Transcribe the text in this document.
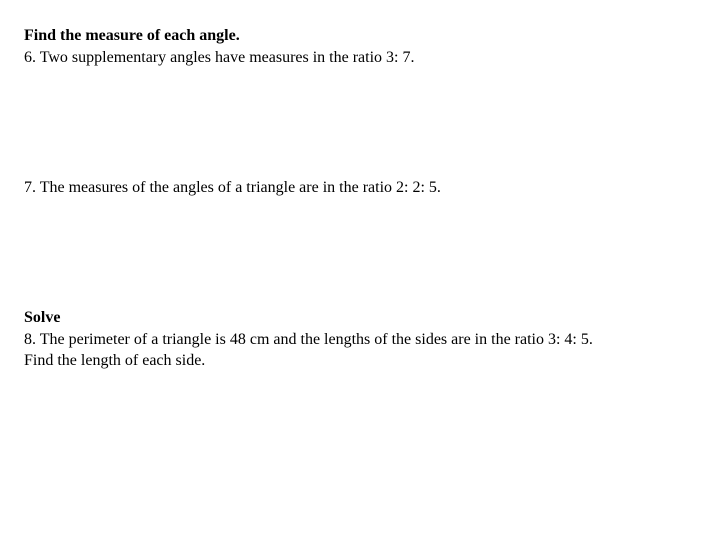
Find the measure of each angle.
6. Two supplementary angles have measures in the ratio 3: 7.
7. The measures of the angles of a triangle are in the ratio 2: 2: 5.
Solve
8. The perimeter of a triangle is 48 cm and the lengths of the sides are in the ratio 3: 4: 5.
Find the length of each side.
